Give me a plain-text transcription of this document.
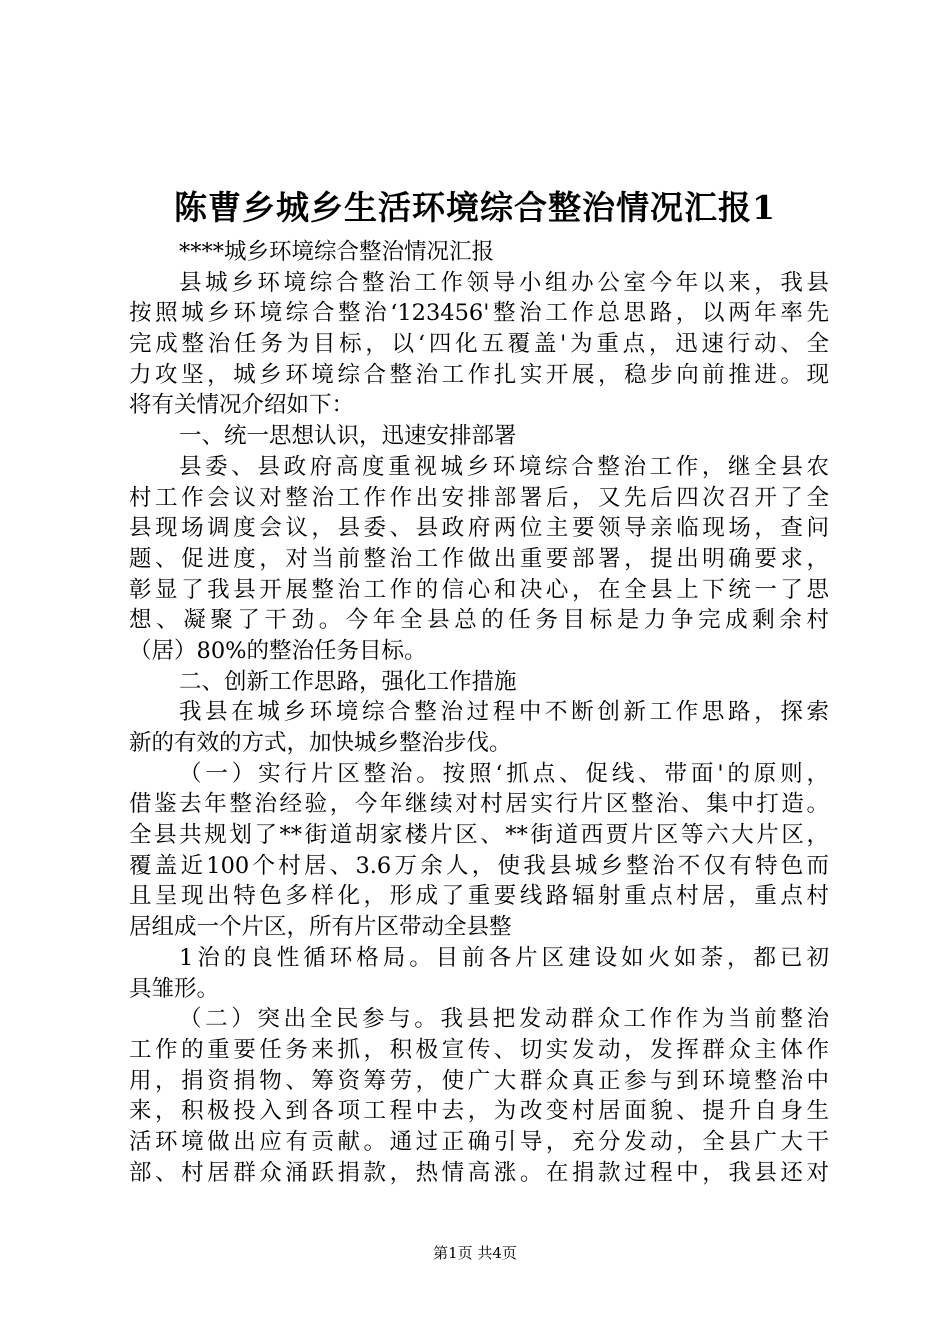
陈曹乡城乡生活环境综合整治情况汇报1
****城乡环境综合整治情况汇报
县城乡环境综合整治工作领导小组办公室今年以来，我县
按照城乡环境综合整治‘123456'整治工作总思路，以两年率先
完成整治任务为目标，以‘四化五覆盖'为重点，迅速行动、全
力攻坚，城乡环境综合整治工作扎实开展，稳步向前推进。现
将有关情况介绍如下：
一、统一思想认识，迅速安排部署
县委、县政府高度重视城乡环境综合整治工作，继全县农
村工作会议对整治工作作出安排部署后，又先后四次召开了全
县现场调度会议，县委、县政府两位主要领导亲临现场，查问
题、促进度，对当前整治工作做出重要部署，提出明确要求，
彰显了我县开展整治工作的信心和决心，在全县上下统一了思
想、凝聚了干劲。今年全县总的任务目标是力争完成剩余村
（居）80%的整治任务目标。
二、创新工作思路，强化工作措施
我县在城乡环境综合整治过程中不断创新工作思路，探索
新的有效的方式，加快城乡整治步伐。
（一）实行片区整治。按照‘抓点、促线、带面'的原则，
借鉴去年整治经验，今年继续对村居实行片区整治、集中打造。
全县共规划了**街道胡家楼片区、**街道西贾片区等六大片区，
覆盖近100个村居、3.6万余人，使我县城乡整治不仅有特色而
且呈现出特色多样化，形成了重要线路辐射重点村居，重点村
居组成一个片区，所有片区带动全县整
1治的良性循环格局。目前各片区建设如火如荼，都已初
具雏形。
（二）突出全民参与。我县把发动群众工作作为当前整治
工作的重要任务来抓，积极宣传、切实发动，发挥群众主体作
用，捐资捐物、筹资筹劳，使广大群众真正参与到环境整治中
来，积极投入到各项工程中去，为改变村居面貌、提升自身生
活环境做出应有贡献。通过正确引导，充分发动，全县广大干
部、村居群众涌跃捐款，热情高涨。在捐款过程中，我县还对
第1页 共4页
